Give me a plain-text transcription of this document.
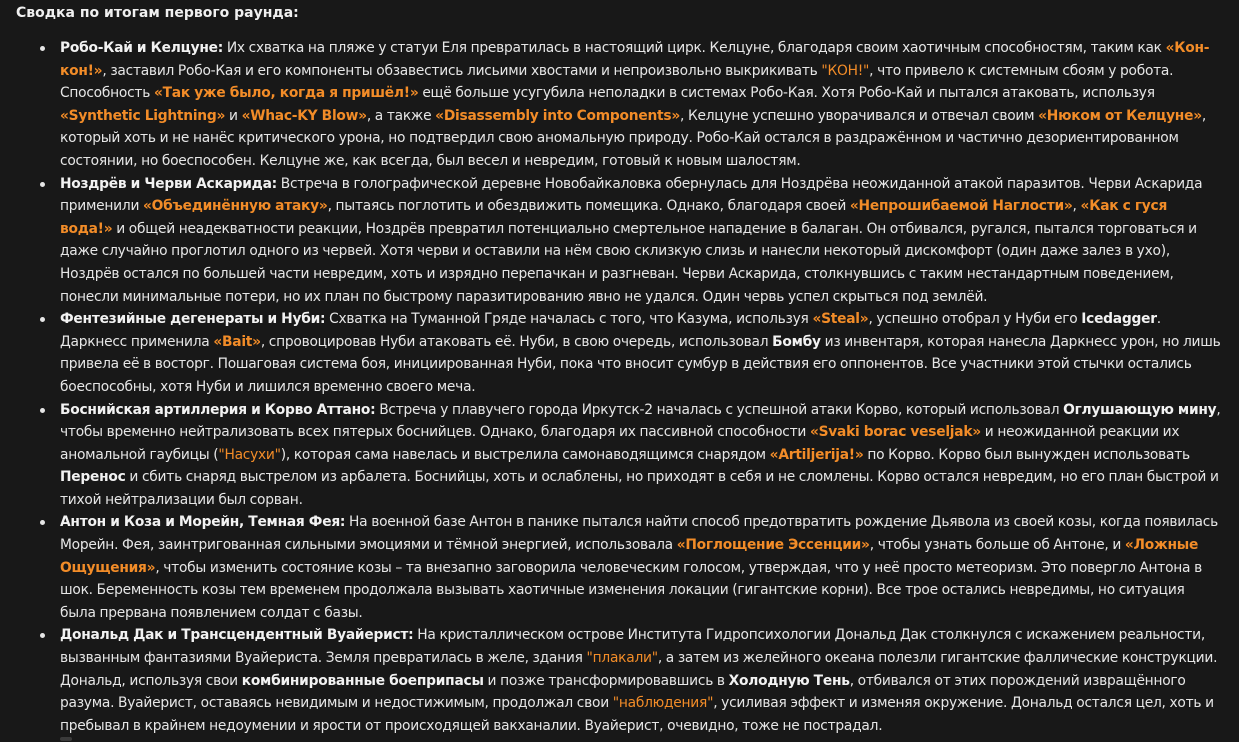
Сводка по итогам первого раунда:
Робо-Кай и Келцуне: Их схватка на пляже у статуи Еля превратилась в настоящий цирк. Келцуне, благодаря своим хаотичным способностям, таким как «Кон-кон!», заставил Робо-Кая и его компоненты обзавестись лисьими хвостами и непроизвольно выкрикивать "КОН!", что привело к системным сбоям у робота. Способность «Так уже было, когда я пришёл!» ещё больше усугубила неполадки в системах Робо-Кая. Хотя Робо-Кай и пытался атаковать, используя «Synthetic Lightning» и «Whac-KY Blow», а также «Disassembly into Components», Келцуне успешно уворачивался и отвечал своим «Нюком от Келцуне», который хоть и не нанёс критического урона, но подтвердил свою аномальную природу. Робо-Кай остался в раздражённом и частично дезориентированном состоянии, но боеспособен. Келцуне же, как всегда, был весел и невредим, готовый к новым шалостям.
Ноздрёв и Черви Аскарида: Встреча в голографической деревне Новобайкаловка обернулась для Ноздрёва неожиданной атакой паразитов. Черви Аскарида применили «Объединённую атаку», пытаясь поглотить и обездвижить помещика. Однако, благодаря своей «Непрошибаемой Наглости», «Как с гуся вода!» и общей неадекватности реакции, Ноздрёв превратил потенциально смертельное нападение в балаган. Он отбивался, ругался, пытался торговаться и даже случайно проглотил одного из червей. Хотя черви и оставили на нём свою склизкую слизь и нанесли некоторый дискомфорт (один даже залез в ухо), Ноздрёв остался по большей части невредим, хоть и изрядно перепачкан и разгневан. Черви Аскарида, столкнувшись с таким нестандартным поведением, понесли минимальные потери, но их план по быстрому паразитированию явно не удался. Один червь успел скрыться под землёй.
Фентезийные дегенераты и Нуби: Схватка на Туманной Гряде началась с того, что Казума, используя «Steal», успешно отобрал у Нуби его Icedagger. Даркнесс применила «Bait», спровоцировав Нуби атаковать её. Нуби, в свою очередь, использовал Бомбу из инвентаря, которая нанесла Даркнесс урон, но лишь привела её в восторг. Пошаговая система боя, инициированная Нуби, пока что вносит сумбур в действия его оппонентов. Все участники этой стычки остались боеспособны, хотя Нуби и лишился временно своего меча.
Боснийская артиллерия и Корво Аттано: Встреча у плавучего города Иркутск-2 началась с успешной атаки Корво, который использовал Оглушающую мину, чтобы временно нейтрализовать всех пятерых боснийцев. Однако, благодаря их пассивной способности «Svaki borac veseljak» и неожиданной реакции их аномальной гаубицы ("Насухи"), которая сама навелась и выстрелила самонаводящимся снарядом «Artiljerija!» по Корво. Корво был вынужден использовать Перенос и сбить снаряд выстрелом из арбалета. Боснийцы, хоть и ослаблены, но приходят в себя и не сломлены. Корво остался невредим, но его план быстрой и тихой нейтрализации был сорван.
Антон и Коза и Морейн, Темная Фея: На военной базе Антон в панике пытался найти способ предотвратить рождение Дьявола из своей козы, когда появилась Морейн. Фея, заинтригованная сильными эмоциями и тёмной энергией, использовала «Поглощение Эссенции», чтобы узнать больше об Антоне, и «Ложные Ощущения», чтобы изменить состояние козы – та внезапно заговорила человеческим голосом, утверждая, что у неё просто метеоризм. Это повергло Антона в шок. Беременность козы тем временем продолжала вызывать хаотичные изменения локации (гигантские корни). Все трое остались невредимы, но ситуация была прервана появлением солдат с базы.
Дональд Дак и Трансцендентный Вуайерист: На кристаллическом острове Института Гидропсихологии Дональд Дак столкнулся с искажением реальности, вызванным фантазиями Вуайериста. Земля превратилась в желе, здания "плакали", а затем из желейного океана полезли гигантские фаллические конструкции. Дональд, используя свои комбинированные боеприпасы и позже трансформировавшись в Холодную Тень, отбивался от этих порождений извращённого разума. Вуайерист, оставаясь невидимым и недостижимым, продолжал свои "наблюдения", усиливая эффект и изменяя окружение. Дональд остался цел, хоть и пребывал в крайнем недоумении и ярости от происходящей вакханалии. Вуайерист, очевидно, тоже не пострадал.
